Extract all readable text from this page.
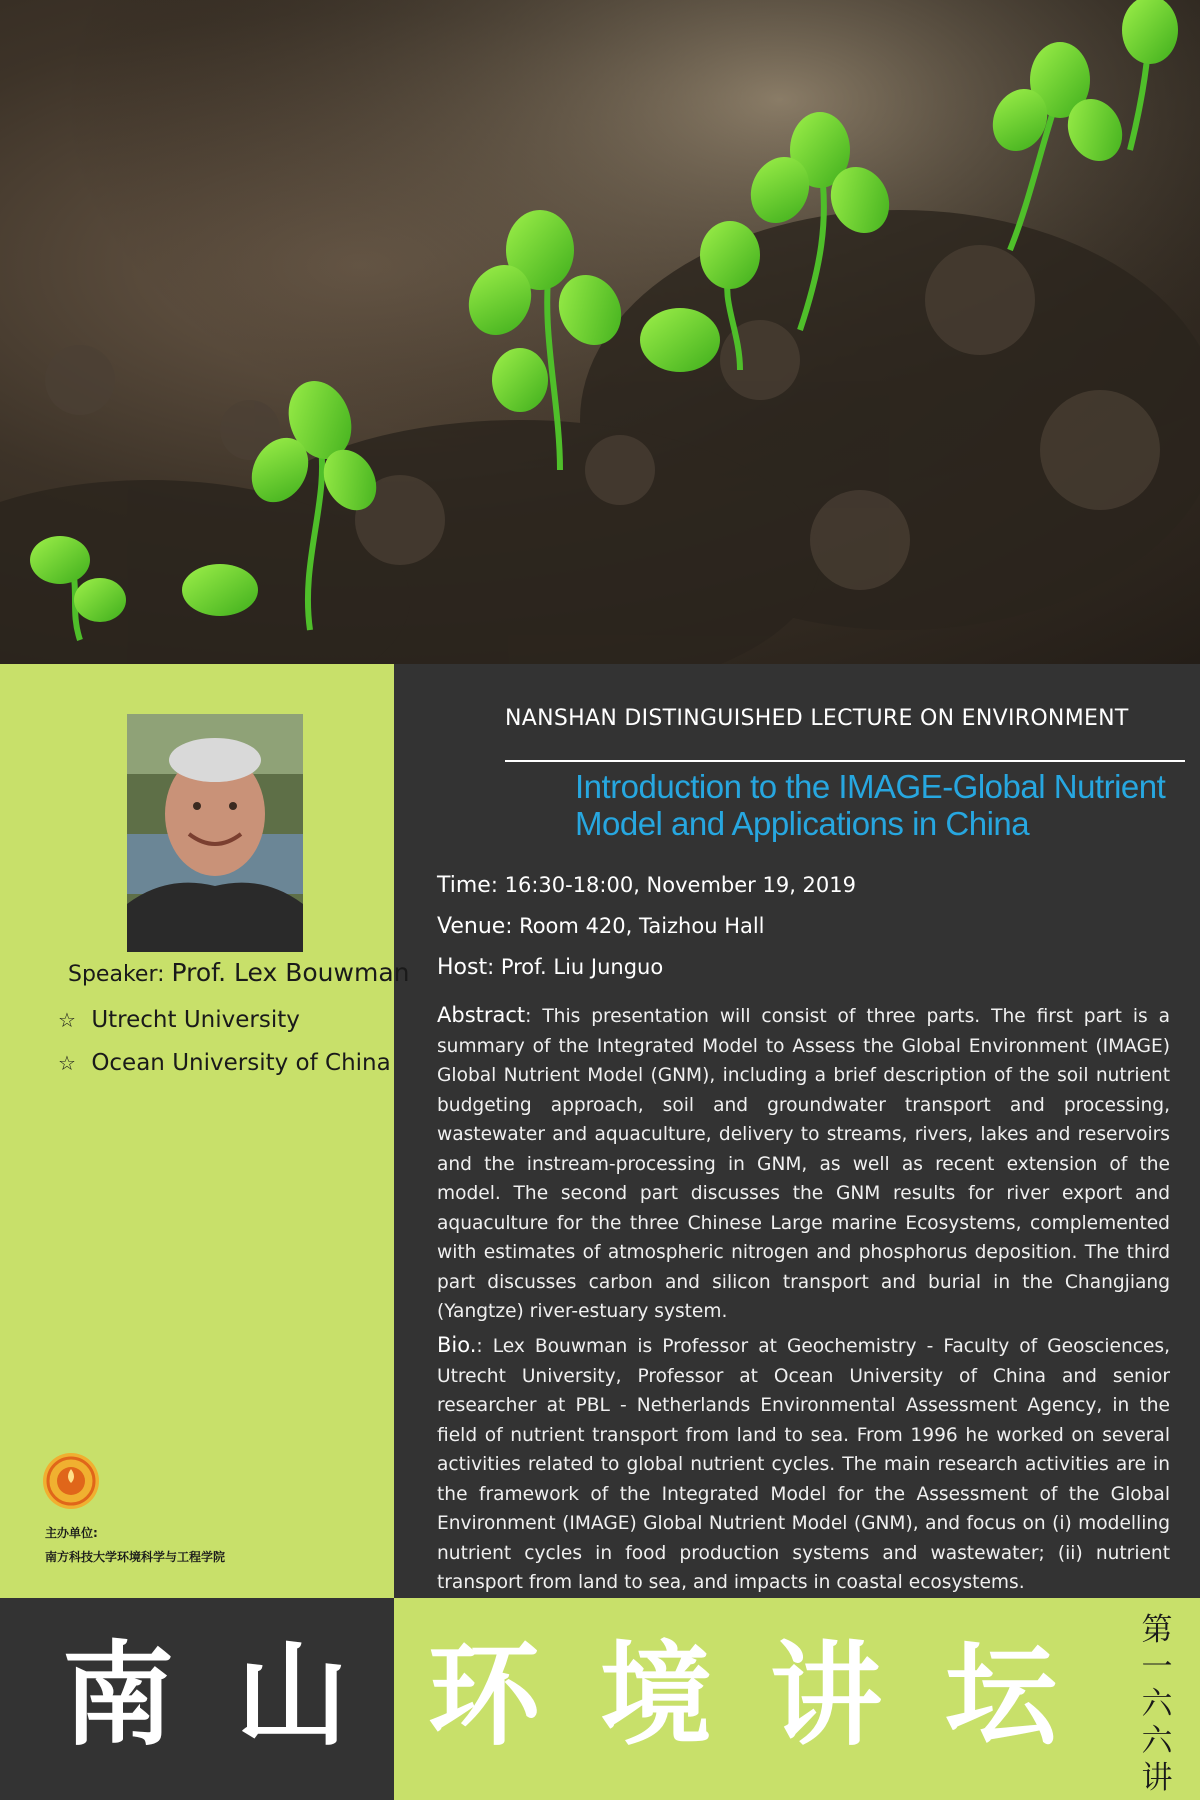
Speaker: Prof. Lex Bouwman
☆ Utrecht University
☆ Ocean University of China
主办单位:
南方科技大学环境科学与工程学院
NANSHAN DISTINGUISHED LECTURE ON ENVIRONMENT
Introduction to the IMAGE-Global Nutrient Model and Applications in China
Time: 16:30-18:00, November 19, 2019
Venue: Room 420, Taizhou Hall
Host: Prof. Liu Junguo
Abstract: This presentation will consist of three parts. The first part is a summary of the Integrated Model to Assess the Global Environment (IMAGE) Global Nutrient Model (GNM), including a brief description of the soil nutrient budgeting approach, soil and groundwater transport and processing, wastewater and aquaculture, delivery to streams, rivers, lakes and reservoirs and the instream-processing in GNM, as well as recent extension of the model. The second part discusses the GNM results for river export and aquaculture for the three Chinese Large marine Ecosystems, complemented with estimates of atmospheric nitrogen and phosphorus deposition. The third part discusses carbon and silicon transport and burial in the Changjiang (Yangtze) river-estuary system.
Bio.: Lex Bouwman is Professor at Geochemistry - Faculty of Geosciences, Utrecht University, Professor at Ocean University of China and senior researcher at PBL - Netherlands Environmental Assessment Agency, in the field of nutrient transport from land to sea. From 1996 he worked on several activities related to global nutrient cycles. The main research activities are in the framework of the Integrated Model for the Assessment of the Global Environment (IMAGE) Global Nutrient Model (GNM), and focus on (i) modelling nutrient cycles in food production systems and wastewater; (ii) nutrient transport from land to sea, and impacts in coastal ecosystems.
南 山 环 境 讲 坛	第一六六讲
